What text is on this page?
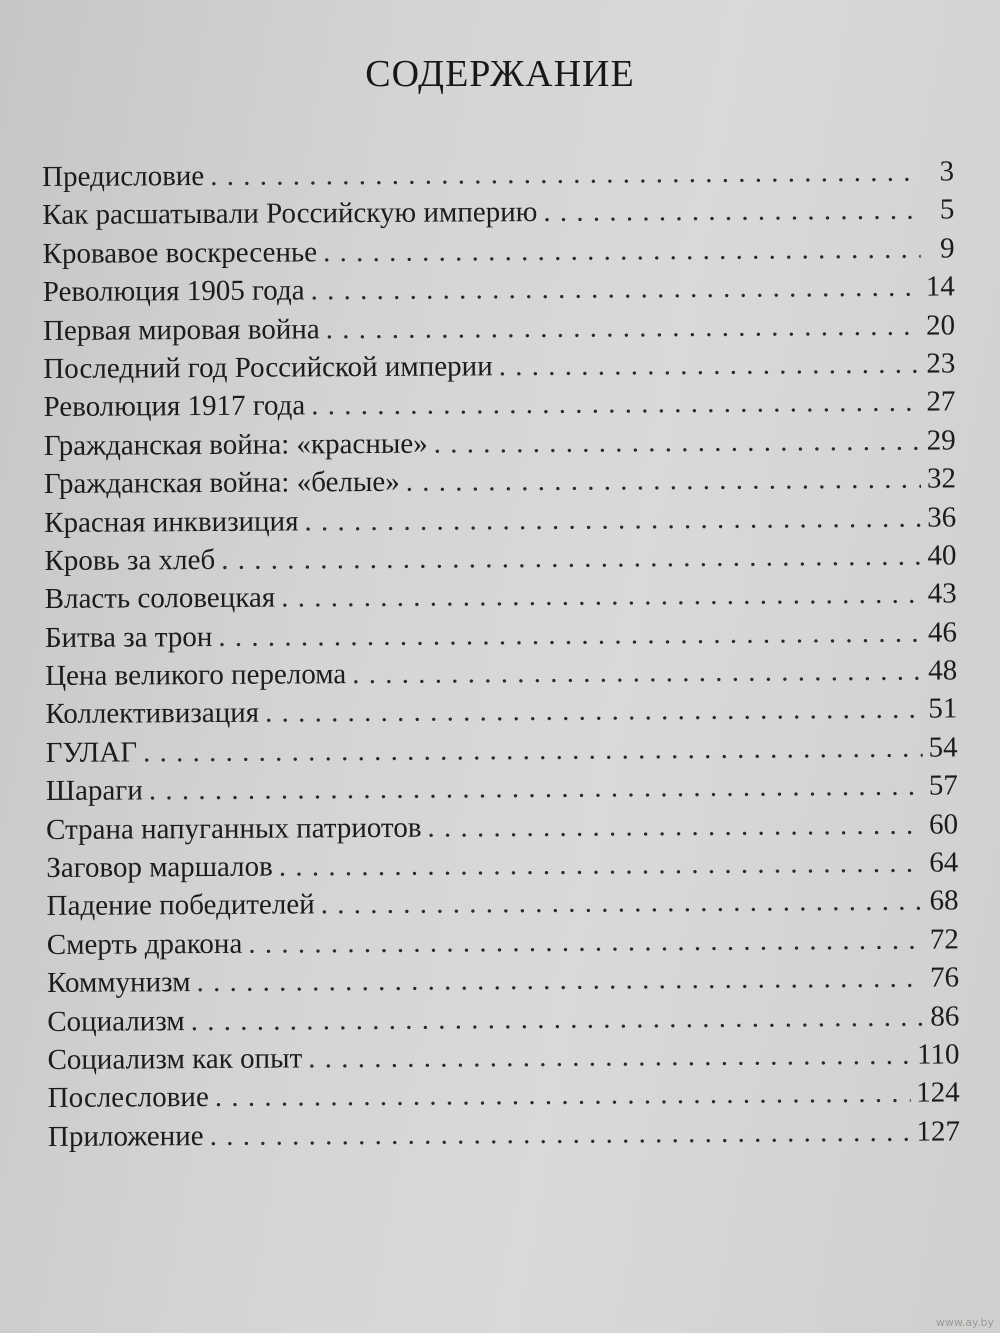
СОДЕРЖАНИЕ
Предисловие . . .	3
Как расшатывали Российскую империю . . .	5
Кровавое воскресенье . . .	9
Революция 1905 года . . .	14
Первая мировая война . . .	20
Последний год Российской империи . . .	23
Революция 1917 года . . .	27
Гражданская война: «красные» . . .	29
Гражданская война: «белые» . . .	32
Красная инквизиция . . .	36
Кровь за хлеб . . .	40
Власть соловецкая . . .	43
Битва за трон . . .	46
Цена великого перелома . . .	48
Коллективизация . . .	51
ГУЛАГ . . .	54
Шараги . . .	57
Страна напуганных патриотов . . .	60
Заговор маршалов . . .	64
Падение победителей . . .	68
Смерть дракона . . .	72
Коммунизм . . .	76
Социализм . . .	86
Социализм как опыт . . .	110
Послесловие . . .	124
Приложение . . .	127
www.ay.by
